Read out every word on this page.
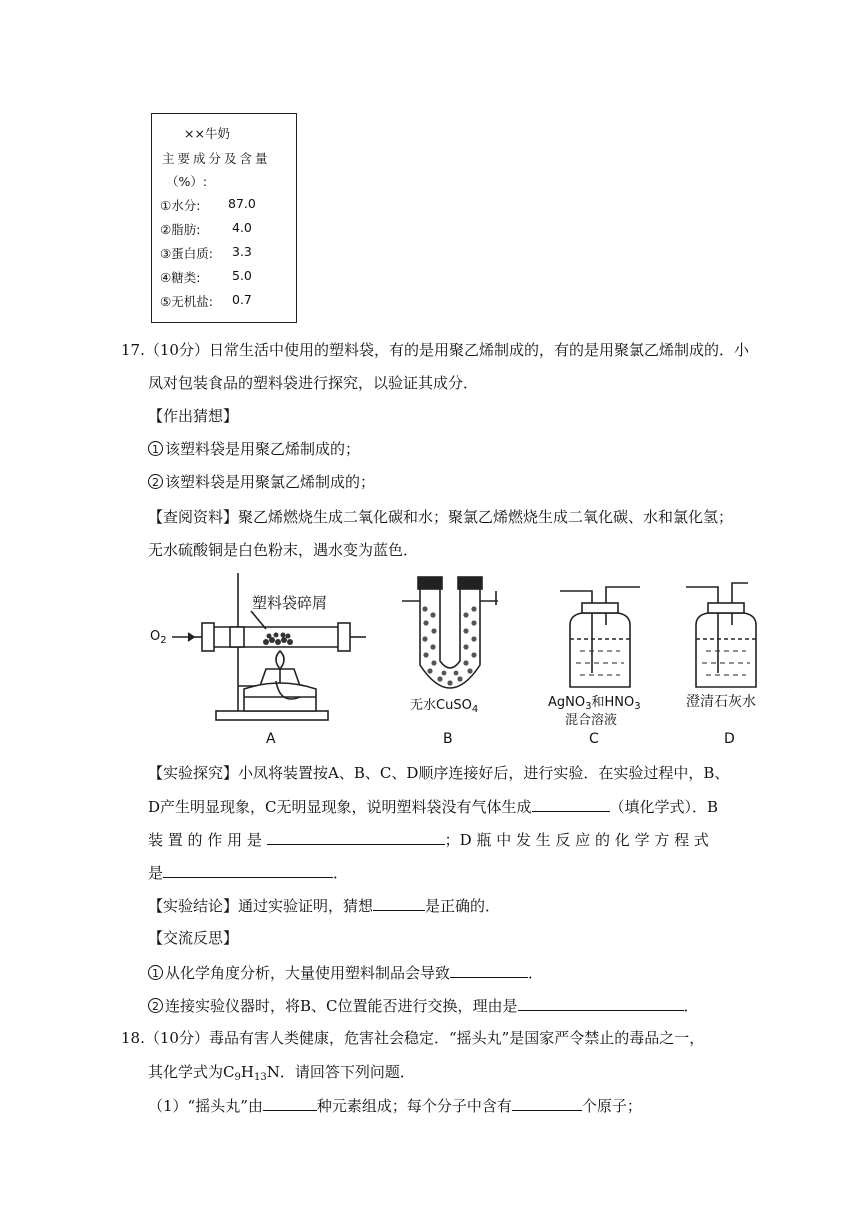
××牛奶
主要成分及含量
（%）:
①水分: 87.0
②脂肪:	4.0
③蛋白质: 3.3
④糖类:	5.0
⑤无机盐: 0.7
17.（10分）日常生活中使用的塑料袋，有的是用聚乙烯制成的，有的是用聚氯乙烯制成的．小
凤对包装食品的塑料袋进行探究，以验证其成分．
【作出猜想】
1 该塑料袋是用聚乙烯制成的；
2 该塑料袋是用聚氯乙烯制成的；
【查阅资料】聚乙烯燃烧生成二氧化碳和水；聚氯乙烯燃烧生成二氧化碳、水和氯化氢；
无水硫酸铜是白色粉末，遇水变为蓝色．
$O_2$
塑料袋碎屑
无水CuSO$_4$	AgNO$_3$和$HNO_3$
混合溶液
澄清石灰水
A	B	C	D
【实验探究】小凤将装置按A、B、C、D顺序连接好后，进行实验．在实验过程中，B、
D产生明显现象，C无明显现象，说明塑料袋没有气体生成	（填化学式）．B
装 置 的 作 用 是	；D 瓶 中 发 生 反 应 的 化 学 方 程 式
是	．
【实验结论】通过实验证明，猜想	是正确的．
【交流反思】
1 从化学角度分析，大量使用塑料制品会导致	．
2 连接实验仪器时，将B、C位置能否进行交换，理由是	．
18.（10分）毒品有害人类健康，危害社会稳定．“摇头丸”是国家严令禁止的毒品之一，
其化学式为$C_9H_{13}N$．请回答下列问题．
（1）“摇头丸”由	种元素组成；每个分子中含有	个原子；
